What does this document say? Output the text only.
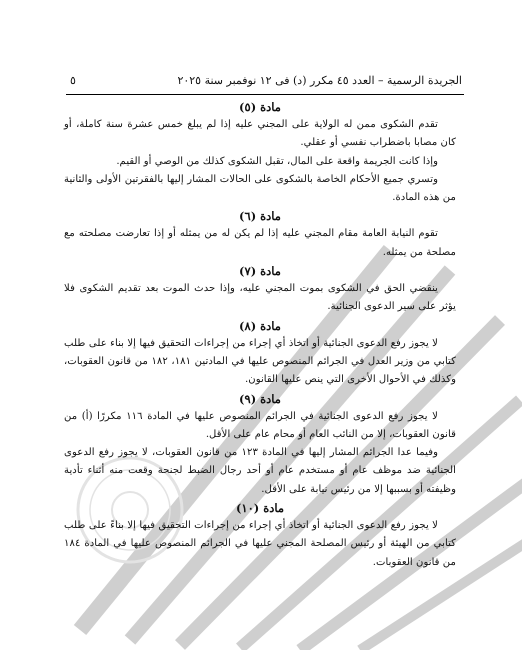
الجريدة الرسمية – العدد ٤٥ مكرر (د) فى ١٢ نوفمبر سنة ٢٠٢٥
٥
مادة (٥)

تقدم الشكوى ممن له الولاية على المجني عليه إذا لم يبلغ خمس عشرة سنة كاملة، أو كان مصابا باضطراب نفسي أو عقلي.

وإذا كانت الجريمة واقعة على المال، تقبل الشكوى كذلك من الوصي أو القيم.

وتسري جميع الأحكام الخاصة بالشكوى على الحالات المشار إليها بالفقرتين الأولى والثانية من هذه المادة.

مادة (٦)

تقوم النيابة العامة مقام المجني عليه إذا لم يكن له من يمثله أو إذا تعارضت مصلحته مع مصلحة من يمثله.

مادة (٧)

ينقضي الحق في الشكوى بموت المجني عليه، وإذا حدث الموت بعد تقديم الشكوى فلا يؤثر على سير الدعوى الجنائية.

مادة (٨)

لا يجوز رفع الدعوى الجنائية أو اتخاذ أي إجراء من إجراءات التحقيق فيها إلا بناء على طلب كتابي من وزير العدل في الجرائم المنصوص عليها في المادتين ١٨١، ١٨٢ من قانون العقوبات، وكذلك في الأحوال الأخرى التي ينص عليها القانون.

مادة (٩)

لا يجوز رفع الدعوى الجنائية في الجرائم المنصوص عليها في المادة ١١٦ مكررًا (أ) من قانون العقوبات، إلا من النائب العام أو محام عام على الأقل.

وفيما عدا الجرائم المشار إليها في المادة ١٢٣ من قانون العقوبات، لا يجوز رفع الدعوى الجنائية ضد موظف عام أو مستخدم عام أو أحد رجال الضبط لجنحة وقعت منه أثناء تأدية وظيفته أو بسببها إلا من رئيس نيابة على الأقل.

مادة (١٠)

لا يجوز رفع الدعوى الجنائية أو اتخاذ أي إجراء من إجراءات التحقيق فيها إلا بناءً على طلب كتابي من الهيئة أو رئيس المصلحة المجني عليها في الجرائم المنصوص عليها في المادة ١٨٤ من قانون العقوبات.
